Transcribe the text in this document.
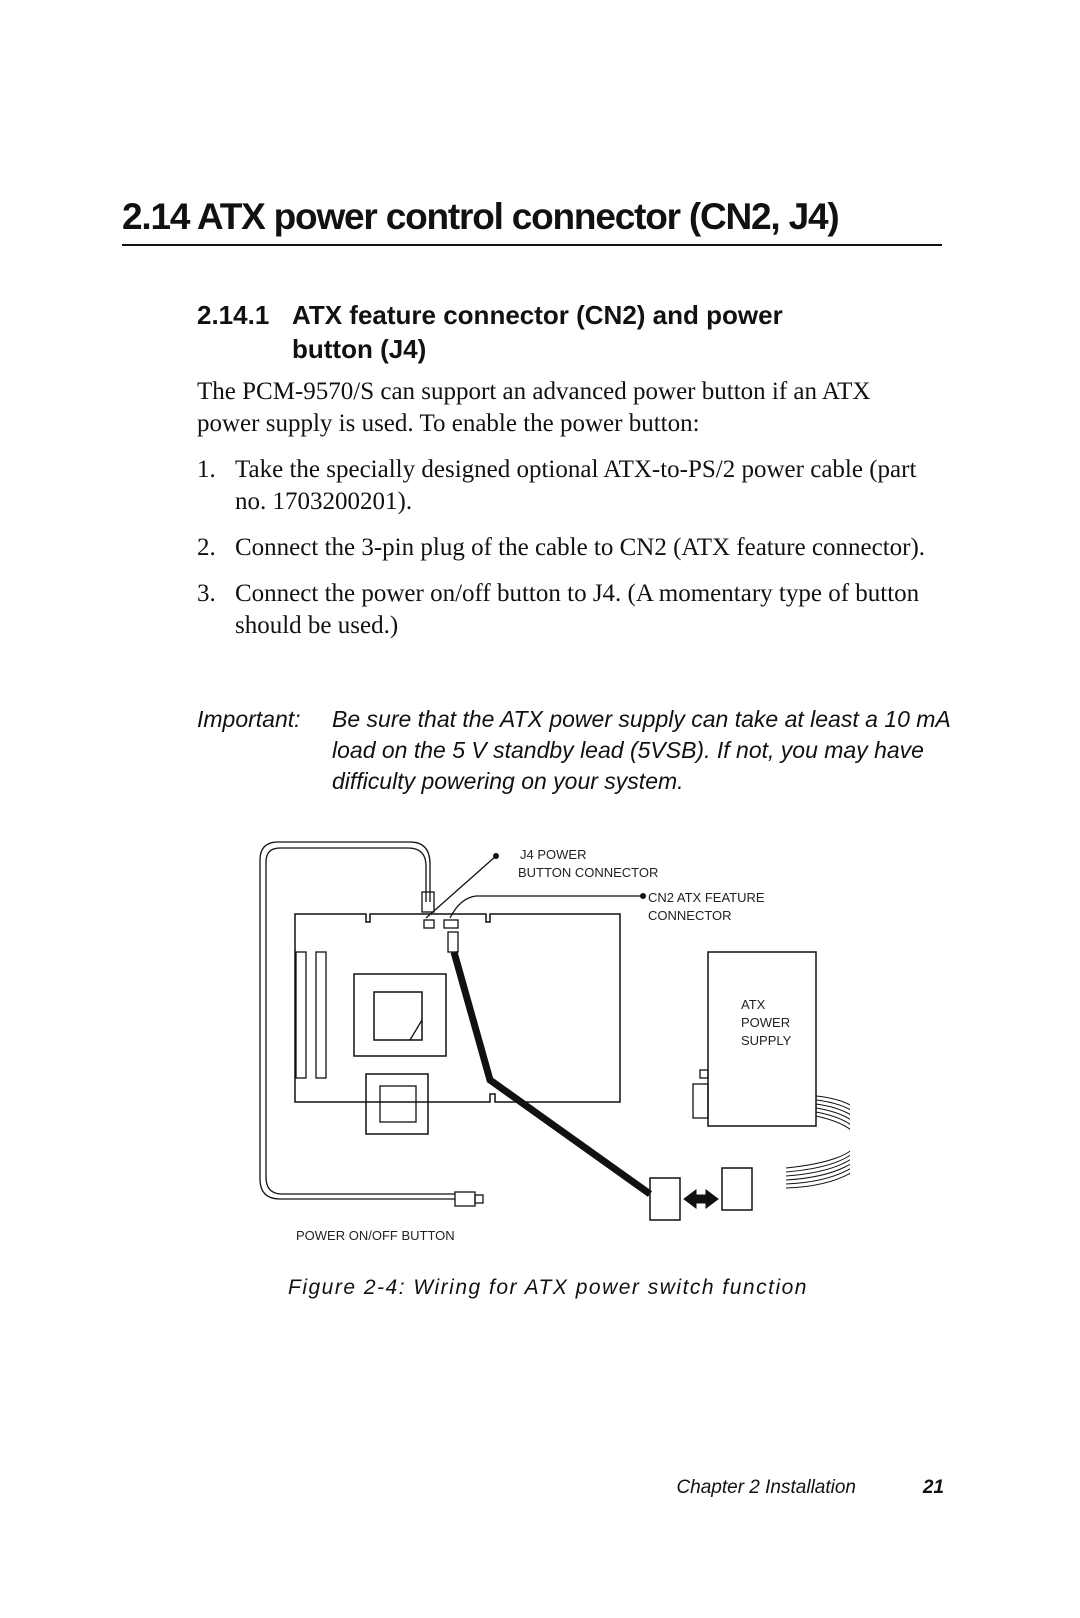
2.14 ATX power control connector (CN2, J4)
2.14.1 ATX feature connector (CN2) and power
button (J4)

The PCM-9570/S can support an advanced power button if an ATX power supply is used. To enable the power button:

1. Take the specially designed optional ATX-to-PS/2 power cable (part no. 1703200201).
2. Connect the 3-pin plug of the cable to CN2 (ATX feature connector).
3. Connect the power on/off button to J4. (A momentary type of button should be used.)
Important: Be sure that the ATX power supply can take at least a 10 mA load on the 5 V standby lead (5VSB). If not, you may have difficulty powering on your system.
J4 POWER
BUTTON CONNECTOR
CN2 ATX FEATURE
CONNECTOR
ATX
POWER
SUPPLY
POWER ON/OFF BUTTON
Figure 2-4: Wiring for ATX power switch function
Chapter 2 Installation	21
